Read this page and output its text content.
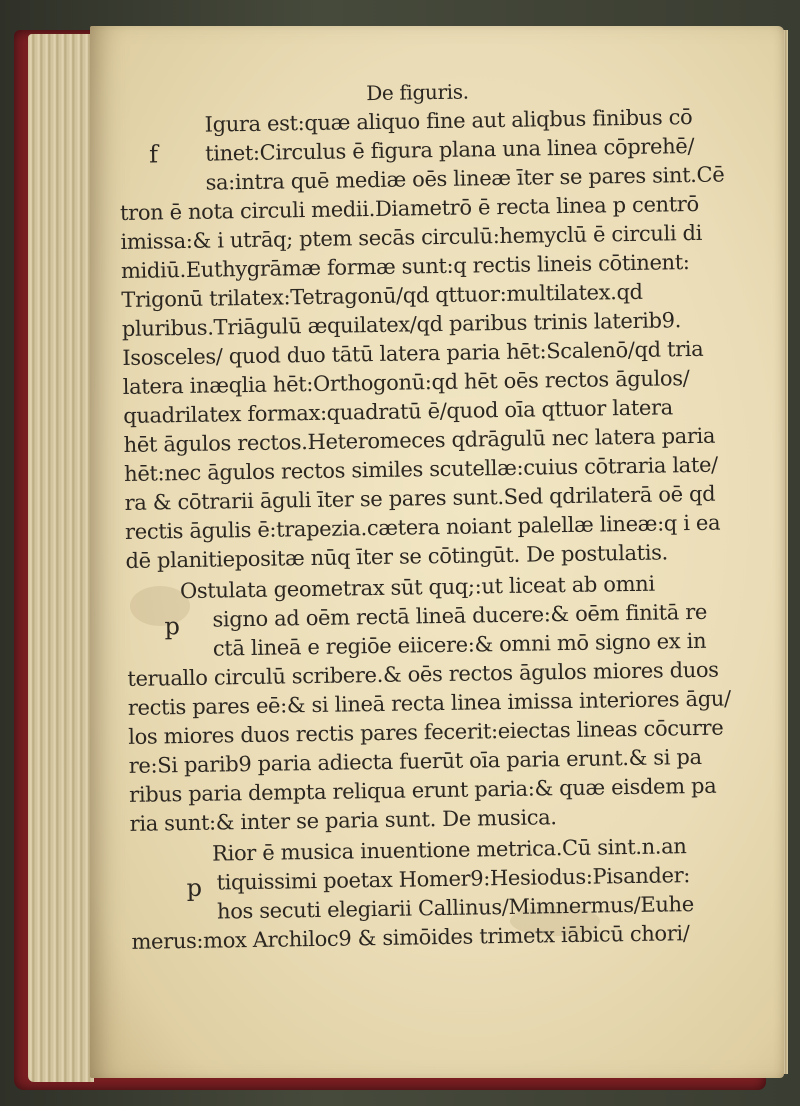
De figuris.
f
Igura est:quæ aliquo fine aut aliqbus finibus cō
tinet:Circulus ē figura plana una linea cōprehē/
sa:intra quē mediæ oēs lineæ īter se pares sint.Cē
tron ē nota circuli medii.Diametrō ē recta linea p centrō
imissa:& i utrāq; ptem secās circulū:hemyclū ē circuli di
midiū.Euthygrāmæ formæ sunt:q rectis lineis cōtinent:
Trigonū trilatex:Tetragonū/qd qttuor:multilatex.qd
pluribus.Triāgulū æquilatex/qd paribus trinis laterib9.
Isosceles/ quod duo tātū latera paria hēt:Scalenō/qd tria
latera inæqlia hēt:Orthogonū:qd hēt oēs rectos āgulos/
quadrilatex formax:quadratū ē/quod oīa qttuor latera
hēt āgulos rectos.Heteromeces qdrāgulū nec latera paria
hēt:nec āgulos rectos similes scutellæ:cuius cōtraria late/
ra & cōtrarii āguli īter se pares sunt.Sed qdrilaterā oē qd
rectis āgulis ē:trapezia.cætera noiant palellæ lineæ:q i ea
dē planitiepositæ nūq īter se cōtingūt. De postulatis.
p
Ostulata geometrax sūt quq;:ut liceat ab omni
signo ad oēm rectā lineā ducere:& oēm finitā re
ctā lineā e regiōe eiicere:& omni mō signo ex in
teruallo circulū scribere.& oēs rectos āgulos miores duos
rectis pares eē:& si lineā recta linea imissa interiores āgu/
los miores duos rectis pares fecerit:eiectas lineas cōcurre
re:Si parib9 paria adiecta fuerūt oīa paria erunt.& si pa
ribus paria dempta reliqua erunt paria:& quæ eisdem pa
ria sunt:& inter se paria sunt. De musica.
p
Rior ē musica inuentione metrica.Cū sint.n.an
tiquissimi poetax Homer9:Hesiodus:Pisander:
hos secuti elegiarii Callinus/Mimnermus/Euhe
merus:mox Archiloc9 & simōides trimetx iābicū chori/
